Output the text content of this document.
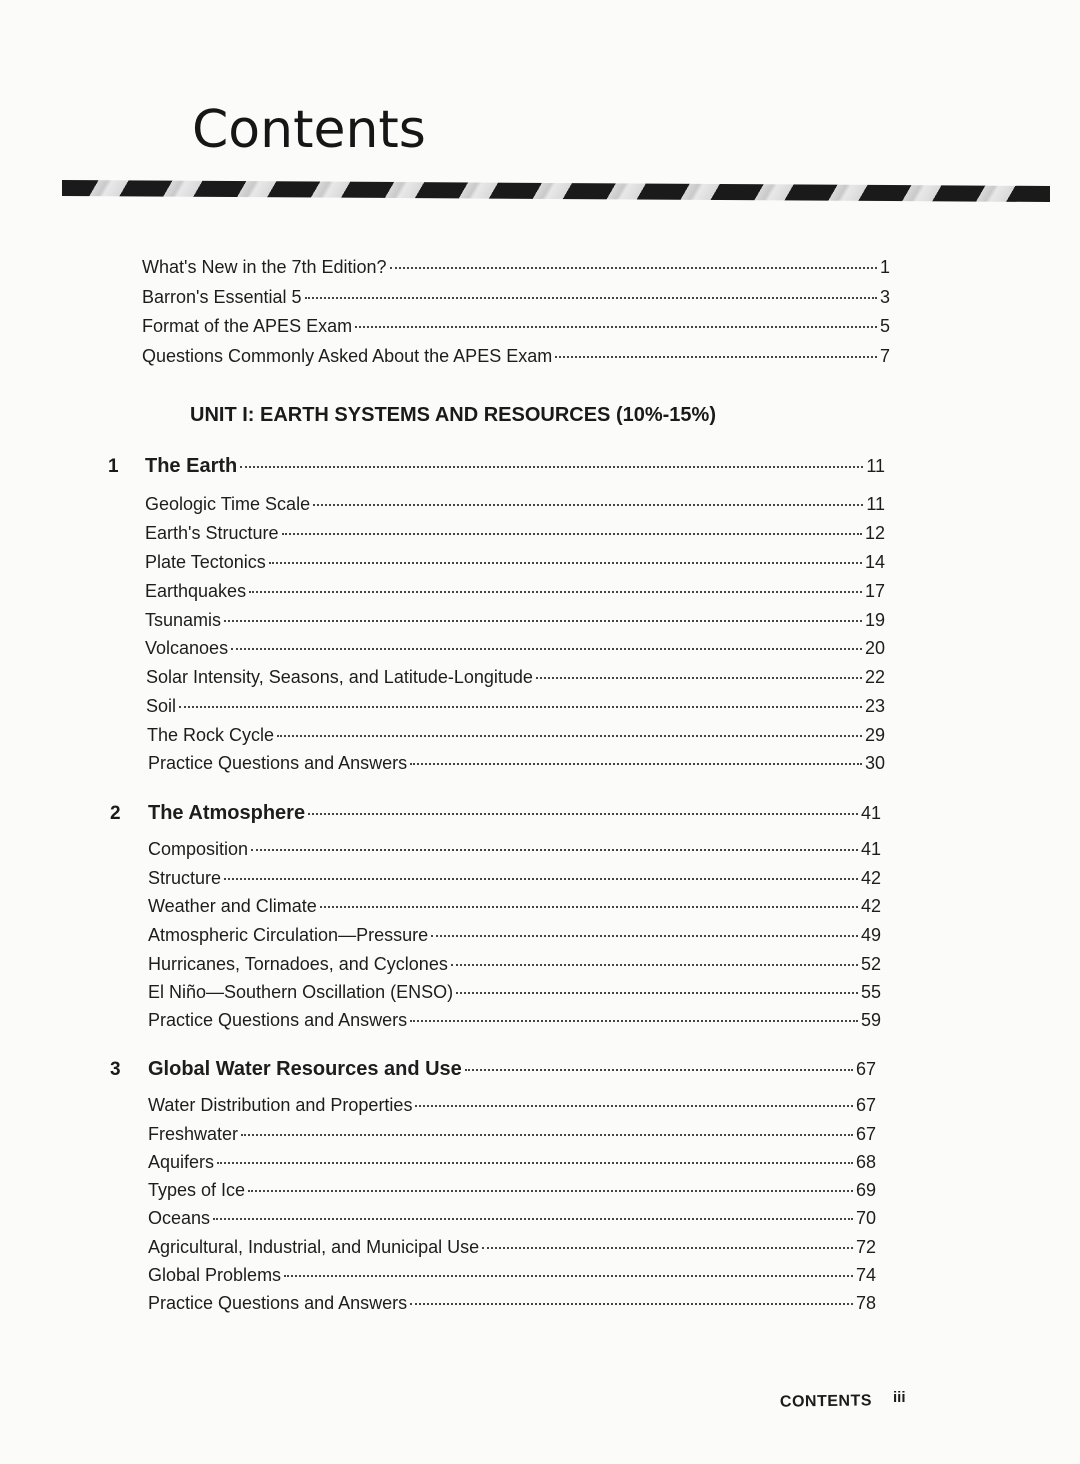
Contents
What's New in the 7th Edition?	1
Barron's Essential 5	3
Format of the APES Exam	5
Questions Commonly Asked About the APES Exam	7
UNIT I: EARTH SYSTEMS AND RESOURCES (10%-15%)
1 The Earth	11
Geologic Time Scale	11
Earth's Structure	12
Plate Tectonics	14
Earthquakes	17
Tsunamis	19
Volcanoes	20
Solar Intensity, Seasons, and Latitude-Longitude	22
Soil	23
The Rock Cycle	29
Practice Questions and Answers	30
2 The Atmosphere	41
Composition	41
Structure	42
Weather and Climate	42
Atmospheric Circulation—Pressure	49
Hurricanes, Tornadoes, and Cyclones	52
El Niño—Southern Oscillation (ENSO)	55
Practice Questions and Answers	59
3 Global Water Resources and Use	67
Water Distribution and Properties	67
Freshwater	67
Aquifers	68
Types of Ice	69
Oceans	70
Agricultural, Industrial, and Municipal Use	72
Global Problems	74
Practice Questions and Answers	78
CONTENTS iii
